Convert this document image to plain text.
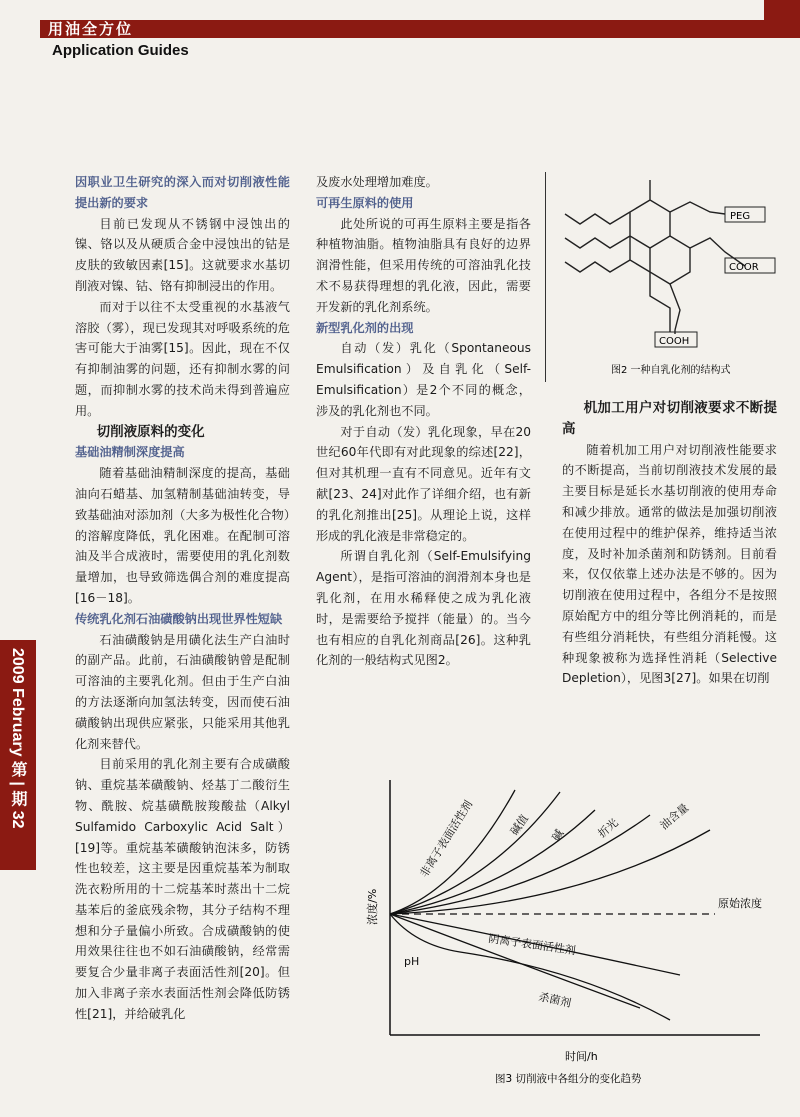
用油全方位
Application Guides
2009 February 第 | 期 32

因职业卫生研究的深入而对切削液性能提出新的要求

目前已发现从不锈钢中浸蚀出的镍、铬以及从硬质合金中浸蚀出的钴是皮肤的致敏因素[15]。这就要求水基切削液对镍、钴、铬有抑制浸出的作用。

而对于以往不太受重视的水基液气溶胶（雾），现已发现其对呼吸系统的危害可能大于油雾[15]。因此，现在不仅有抑制油雾的问题，还有抑制水雾的问题，而抑制水雾的技术尚未得到普遍应用。

切削液原料的变化

基础油精制深度提高

随着基础油精制深度的提高，基础油向石蜡基、加氢精制基础油转变，导致基础油对添加剂（大多为极性化合物）的溶解度降低，乳化困难。在配制可溶油及半合成液时，需要使用的乳化剂数量增加，也导致筛选偶合剂的难度提高[16－18]。

传统乳化剂石油磺酸钠出现世界性短缺

石油磺酸钠是用磺化法生产白油时的副产品。此前，石油磺酸钠曾是配制可溶油的主要乳化剂。但由于生产白油的方法逐渐向加氢法转变，因而使石油磺酸钠出现供应紧张，只能采用其他乳化剂来替代。

目前采用的乳化剂主要有合成磺酸钠、重烷基苯磺酸钠、烃基丁二酸衍生物、酰胺、烷基磺酰胺羧酸盐（Alkyl Sulfamido Carboxylic Acid Salt）[19]等。重烷基苯磺酸钠泡沫多，防锈性也较差，这主要是因重烷基苯为制取洗衣粉所用的十二烷基苯时蒸出十二烷基苯后的釜底残余物，其分子结构不理想和分子量偏小所致。合成磺酸钠的使用效果往往也不如石油磺酸钠，经常需要复合少量非离子表面活性剂[20]。但加入非离子亲水表面活性剂会降低防锈性[21]，并给破乳化

及废水处理增加难度。

可再生原料的使用

此处所说的可再生原料主要是指各种植物油脂。植物油脂具有良好的边界润滑性能，但采用传统的可溶油乳化技术不易获得理想的乳化液，因此，需要开发新的乳化剂系统。

新型乳化剂的出现

自动（发）乳化（Spontaneous Emulsification）及自乳化（Self-Emulsification）是2个不同的概念，涉及的乳化剂也不同。

对于自动（发）乳化现象，早在20世纪60年代即有对此现象的综述[22]，但对其机理一直有不同意见。近年有文献[23、24]对此作了详细介绍，也有新的乳化剂推出[25]。从理论上说，这样形成的乳化液是非常稳定的。

所谓自乳化剂（Self-Emulsifying Agent），是指可溶油的润滑剂本身也是乳化剂，在用水稀释使之成为乳化液时，是需要给予搅拌（能量）的。当今也有相应的自乳化剂商品[26]。这种乳化剂的一般结构式见图2。

PEG
COOR
COOH
图2 一种自乳化剂的结构式

机加工用户对切削液要求不断提高

随着机加工用户对切削液性能要求的不断提高，当前切削液技术发展的最主要目标是延长水基切削液的使用寿命和减少排放。通常的做法是加强切削液在使用过程中的维护保养，维持适当浓度，及时补加杀菌剂和防锈剂。目前看来，仅仅依靠上述办法是不够的。因为切削液在使用过程中，各组分不是按照原始配方中的组分等比例消耗的，而是有些组分消耗快，有些组分消耗慢。这种现象被称为选择性消耗（Selective Depletion），见图3[27]。如果在切削

原始浓度
浓度/%
时间/h
非离子表面活性剂	碱值 碱	折光	油含量
阴离子表面活性剂
pH
杀菌剂
图3 切削液中各组分的变化趋势
